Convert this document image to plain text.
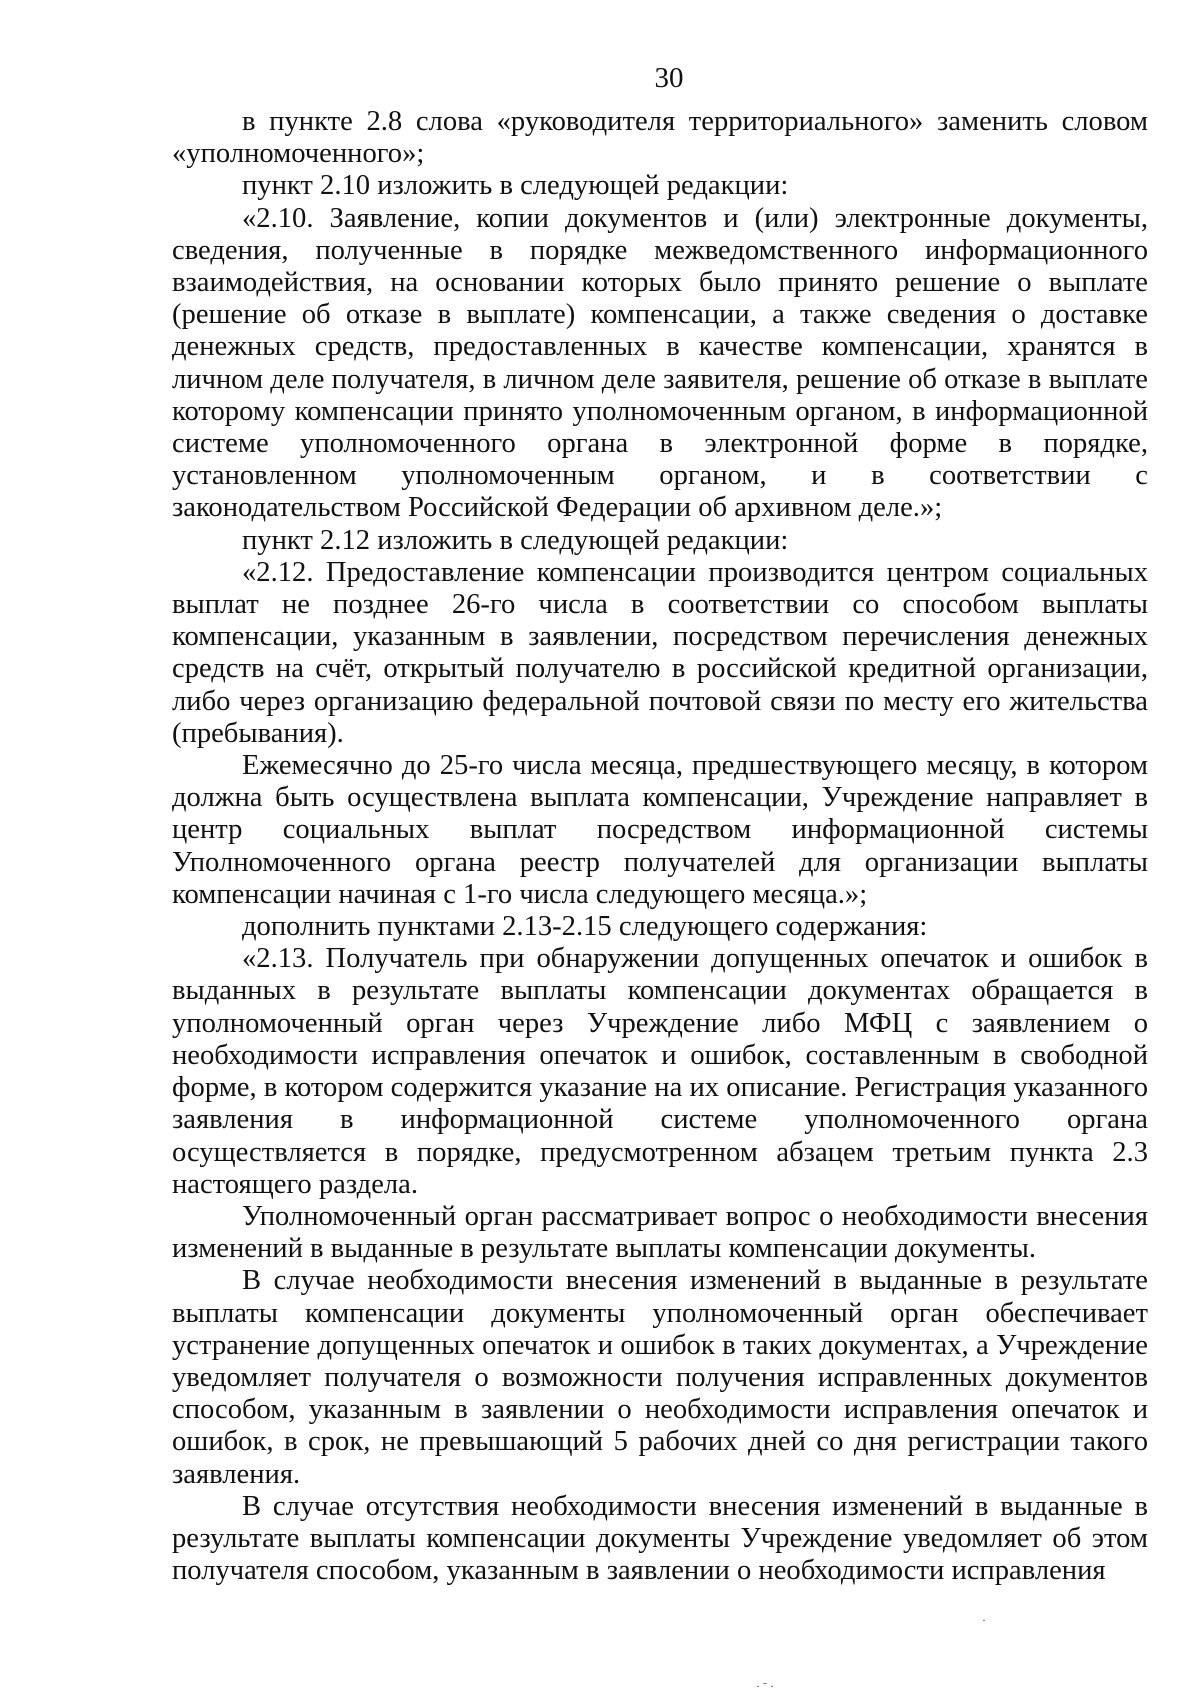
30

в пункте 2.8 слова «руководителя территориального» заменить словом «уполномоченного»;

пункт 2.10 изложить в следующей редакции:

«2.10. Заявление, копии документов и (или) электронные документы, сведения, полученные в порядке межведомственного информационного взаимодействия, на основании которых было принято решение о выплате (решение об отказе в выплате) компенсации, а также сведения о доставке денежных средств, предоставленных в качестве компенсации, хранятся в личном деле получателя, в личном деле заявителя, решение об отказе в выплате которому компенсации принято уполномоченным органом, в информационной системе уполномоченного органа в электронной форме в порядке, установленном уполномоченным органом, и в соответствии с законодательством Российской Федерации об архивном деле.»;

пункт 2.12 изложить в следующей редакции:

«2.12. Предоставление компенсации производится центром социальных выплат не позднее 26-го числа в соответствии со способом выплаты компенсации, указанным в заявлении, посредством перечисления денежных средств на счёт, открытый получателю в российской кредитной организации, либо через организацию федеральной почтовой связи по месту его жительства (пребывания).

Ежемесячно до 25-го числа месяца, предшествующего месяцу, в котором должна быть осуществлена выплата компенсации, Учреждение направляет в центр социальных выплат посредством информационной системы Уполномоченного органа реестр получателей для организации выплаты компенсации начиная с 1-го числа следующего месяца.»;

дополнить пунктами 2.13-2.15 следующего содержания:

«2.13. Получатель при обнаружении допущенных опечаток и ошибок в выданных в результате выплаты компенсации документах обращается в уполномоченный орган через Учреждение либо МФЦ с заявлением о необходимости исправления опечаток и ошибок, составленным в свободной форме, в котором содержится указание на их описание. Регистрация указанного заявления в информационной системе уполномоченного органа осуществляется в порядке, предусмотренном абзацем третьим пункта 2.3 настоящего раздела.

Уполномоченный орган рассматривает вопрос о необходимости внесения изменений в выданные в результате выплаты компенсации документы.

В случае необходимости внесения изменений в выданные в результате выплаты компенсации документы уполномоченный орган обеспечивает устранение допущенных опечаток и ошибок в таких документах, а Учреждение уведомляет получателя о возможности получения исправленных документов способом, указанным в заявлении о необходимости исправления опечаток и ошибок, в срок, не превышающий 5 рабочих дней со дня регистрации такого заявления.

В случае отсутствия необходимости внесения изменений в выданные в результате выплаты компенсации документы Учреждение уведомляет об этом получателя способом, указанным в заявлении о необходимости исправления

·
· ˉ ·
